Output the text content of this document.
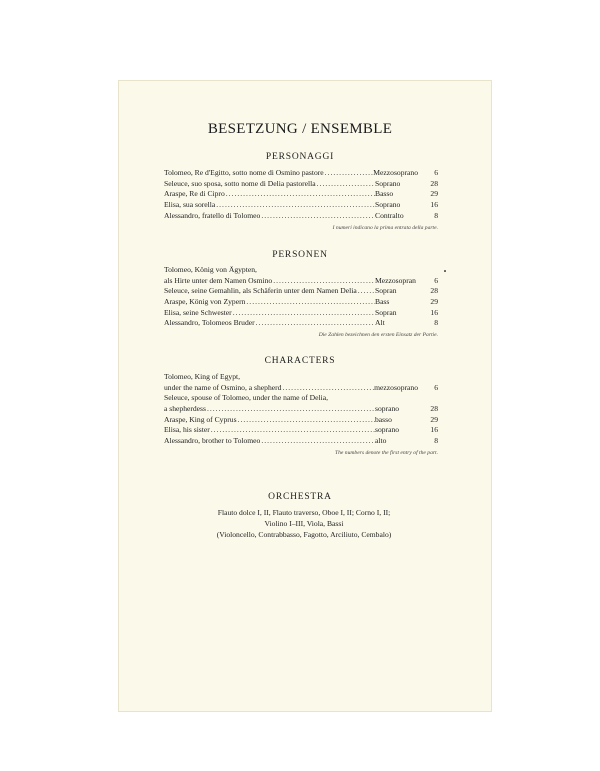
BESETZUNG / ENSEMBLE
PERSONAGGI
Tolomeo, Re d'Egitto, sotto nome di Osmino pastore .....	Mezzosoprano	6
Seleuce, suo sposa, sotto nome di Delia pastorella .....	Soprano	28
Araspe, Re di Cipro .....	Basso	29
Elisa, sua sorella .....	Soprano	16
Alessandro, fratello di Tolomeo .....	Contralto	8
I numeri indicano la prima entrata della parte.
PERSONEN
Tolomeo, König von Ägypten,
als Hirte unter dem Namen Osmino .....	Mezzosopran	6
Seleuce, seine Gemahlin, als Schäferin unter dem Namen Delia ..... Sopran	28
Araspe, König von Zypern .....	Bass	29
Elisa, seine Schwester .....	Sopran	16
Alessandro, Tolomeos Bruder .....	Alt	8
Die Zahlen bezeichnen den ersten Einsatz der Partie.
CHARACTERS
Tolomeo, King of Egypt,
under the name of Osmino, a shepherd .....	mezzosoprano	6
Seleuce, spouse of Tolomeo, under the name of Delia,
a shepherdess .....	soprano	28
Araspe, King of Cyprus .....	basso	29
Elisa, his sister .....	soprano	16
Alessandro, brother to Tolomeo .....	alto	8
The numbers denote the first entry of the part.
ORCHESTRA
Flauto dolce I, II, Flauto traverso, Oboe I, II; Corno I, II;
Violino I–III, Viola, Bassi
(Violoncello, Contrabbasso, Fagotto, Arciliuto, Cembalo)
